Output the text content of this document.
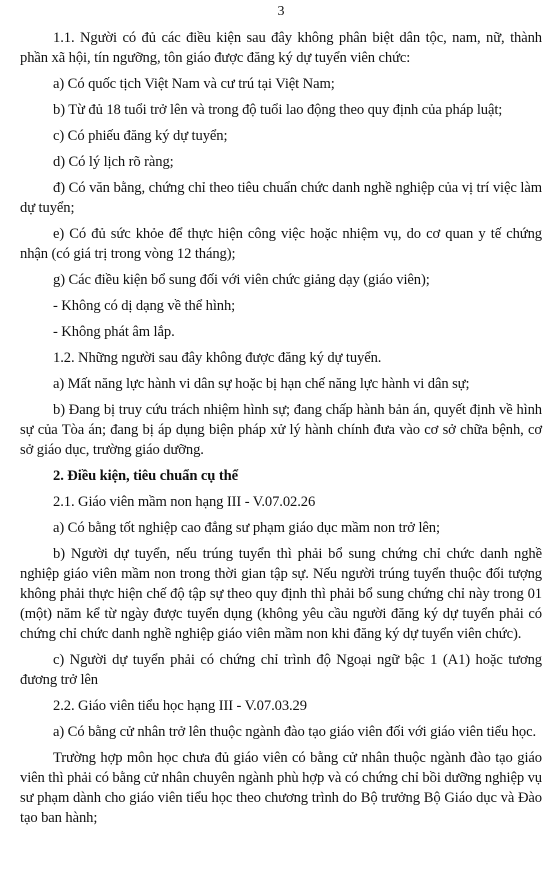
3

1.1. Người có đủ các điều kiện sau đây không phân biệt dân tộc, nam, nữ, thành phần xã hội, tín ngưỡng, tôn giáo được đăng ký dự tuyển viên chức:

a) Có quốc tịch Việt Nam và cư trú tại Việt Nam;

b) Từ đủ 18 tuổi trở lên và trong độ tuổi lao động theo quy định của pháp luật;

c) Có phiếu đăng ký dự tuyển;

d) Có lý lịch rõ ràng;

đ) Có văn bằng, chứng chỉ theo tiêu chuẩn chức danh nghề nghiệp của vị trí việc làm dự tuyển;

e) Có đủ sức khỏe để thực hiện công việc hoặc nhiệm vụ, do cơ quan y tế chứng nhận (có giá trị trong vòng 12 tháng);

g) Các điều kiện bổ sung đối với viên chức giảng dạy (giáo viên);

- Không có dị dạng về thể hình;

- Không phát âm lắp.

1.2. Những người sau đây không được đăng ký dự tuyển.

a) Mất năng lực hành vi dân sự hoặc bị hạn chế năng lực hành vi dân sự;

b) Đang bị truy cứu trách nhiệm hình sự; đang chấp hành bản án, quyết định về hình sự của Tòa án; đang bị áp dụng biện pháp xử lý hành chính đưa vào cơ sở chữa bệnh, cơ sở giáo dục, trường giáo dưỡng.

2. Điều kiện, tiêu chuẩn cụ thể

2.1. Giáo viên mầm non hạng III - V.07.02.26

a) Có bằng tốt nghiệp cao đẳng sư phạm giáo dục mầm non trở lên;

b) Người dự tuyển, nếu trúng tuyển thì phải bổ sung chứng chỉ chức danh nghề nghiệp giáo viên mầm non trong thời gian tập sự. Nếu người trúng tuyển thuộc đối tượng không phải thực hiện chế độ tập sự theo quy định thì phải bổ sung chứng chỉ này trong 01 (một) năm kể từ ngày được tuyển dụng (không yêu cầu người đăng ký dự tuyển phải có chứng chỉ chức danh nghề nghiệp giáo viên mầm non khi đăng ký dự tuyển viên chức).

c) Người dự tuyển phải có chứng chỉ trình độ Ngoại ngữ bậc 1 (A1) hoặc tương đương trở lên

2.2. Giáo viên tiểu học hạng III - V.07.03.29

a) Có bằng cử nhân trở lên thuộc ngành đào tạo giáo viên đối với giáo viên tiểu học.

Trường hợp môn học chưa đủ giáo viên có bằng cử nhân thuộc ngành đào tạo giáo viên thì phải có bằng cử nhân chuyên ngành phù hợp và có chứng chỉ bồi dưỡng nghiệp vụ sư phạm dành cho giáo viên tiểu học theo chương trình do Bộ trưởng Bộ Giáo dục và Đào tạo ban hành;
